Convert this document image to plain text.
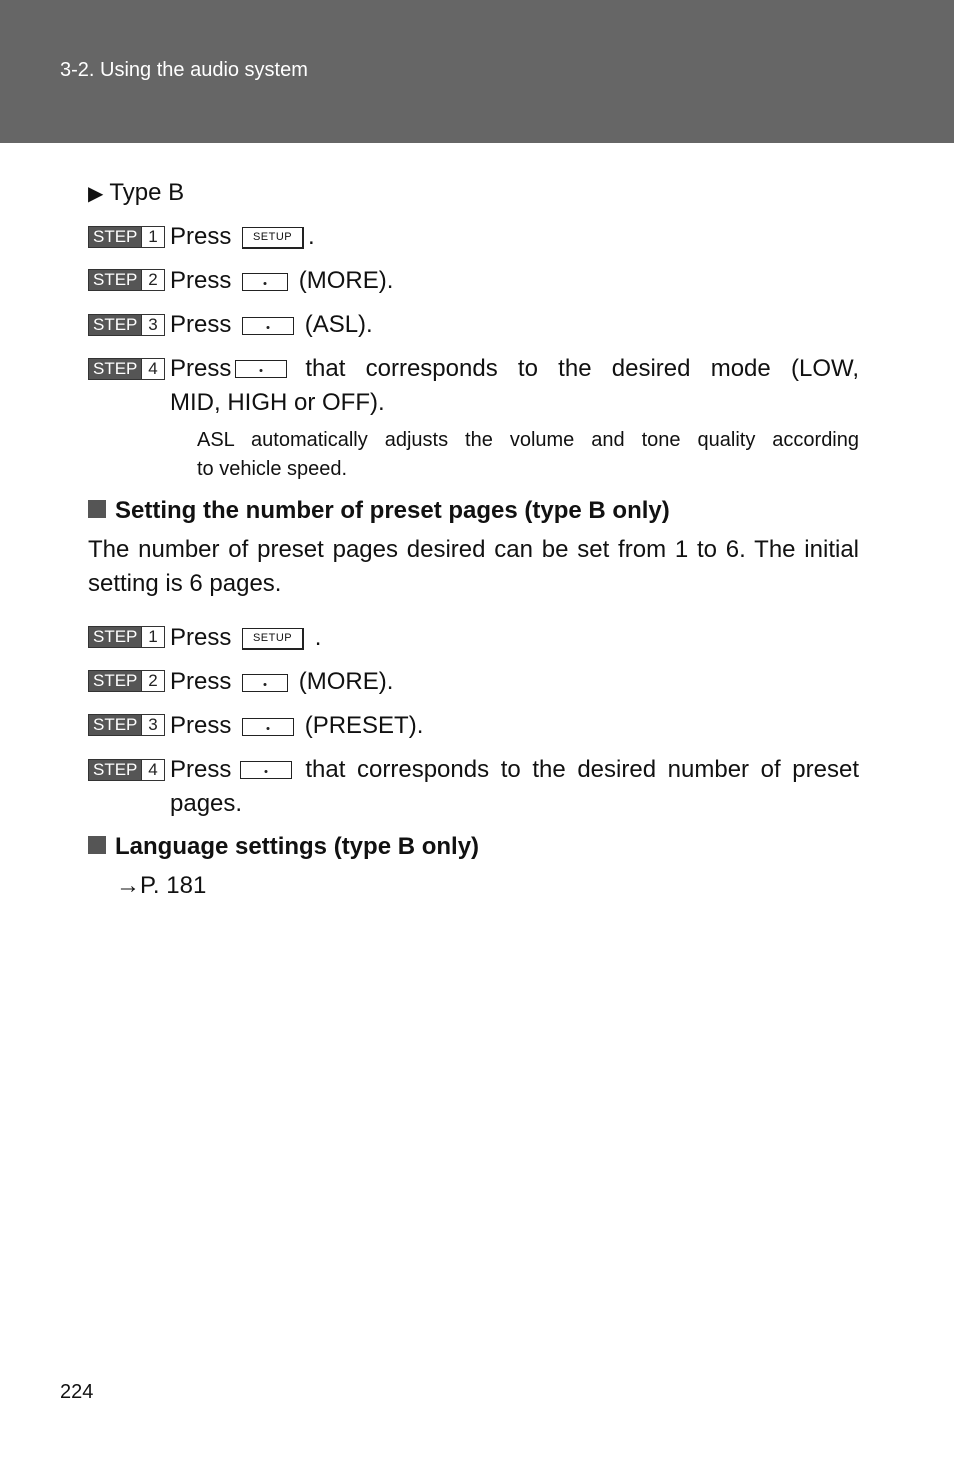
3-2. Using the audio system
▶ Type B
STEP 1 Press	SETUP .
STEP 2 Press	(MORE).
STEP 3 Press	(ASL).
STEP 4 Press	that corresponds to the desired mode (LOW,
MID, HIGH or OFF).
ASL automatically adjusts the volume and tone quality according
to vehicle speed.
Setting the number of preset pages (type B only)
The number of preset pages desired can be set from 1 to 6. The initial
setting is 6 pages.
STEP 1 Press	SETUP .
STEP 2 Press	(MORE).
STEP 3 Press	(PRESET).
STEP 4 Press	that corresponds to the desired number of preset
pages.
Language settings (type B only)
→P. 181
224
